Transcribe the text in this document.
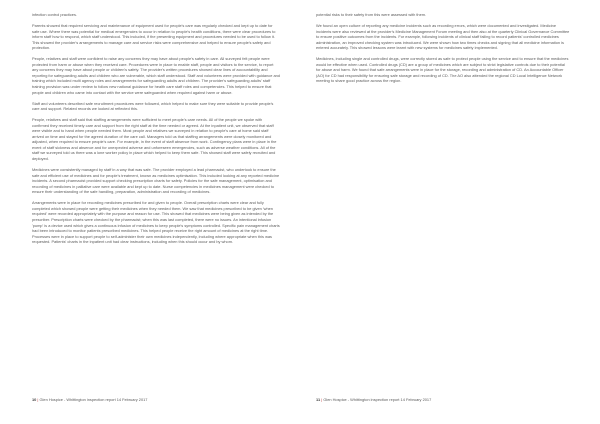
infection control practices.

Parents showed that required servicing and maintenance of equipment used for people's care was regularly checked and kept up to date for safe use. Where there was potential for medical emergencies to occur in relation to people's health conditions, there were clear procedures to inform staff how to respond, which staff understood. This included, if the presenting equipment and procedures needed to be used to follow it. This showed the provider's arrangements to manage care and service risks were comprehensive and helped to ensure people's safety and protection.

People, relatives and staff were confident to raise any concerns they may have about people's safety in care. All surveyed felt people were protected from harm or abuse when they received care. Procedures were in place to enable staff, people and visitors to the service, to report any concerns they may have about people or children's safety. The provider's written procedures showed clear lines of accountability and reporting for safeguarding adults and children who are vulnerable, which staff understood. Staff and volunteers were provided with guidance and training which included multi agency roles and arrangements for safeguarding adults and children. The provider's safeguarding adults' staff training provision was under review to follow new national guidance for health care staff roles and competencies. This helped to ensure that people and children who came into contact with the service were safeguarded when required against harm or abuse.

Staff and volunteers described safe recruitment procedures were followed, which helped to make sure they were suitable to provide people's care and support. Related records we looked at reflected this.

People, relatives and staff said that staffing arrangements were sufficient to meet people's care needs. All of the people we spoke with confirmed they received timely care and support from the right staff at the time needed or agreed. At the inpatient unit, we observed that staff were visible and to hand when people needed them. Most people and relatives we surveyed in relation to people's care at home said staff arrived on time and stayed for the agreed duration of the care call. Managers told us that staffing arrangements were closely monitored and adjusted, when required to ensure people's care. For example, in the event of staff absence from work. Contingency plans were in place in the event of staff sickness and absence and for unexpected adverse and unforeseen emergencies, such as adverse weather conditions. All of the staff we surveyed told us there was a lone worker policy in place which helped to keep them safe. This showed staff were safely recruited and deployed.

Medicines were consistently managed by staff in a way that was safe. The provider employed a lead pharmacist, who undertook to ensure the safe and efficient use of medicines and for people's treatment, known as medicines optimisation. This included looking at any reported medicine incidents. A second pharmacist provided support checking prescription charts for safety. Policies for the safe management, optimisation and recording of medicines in palliative care were available and kept up to date. Nurse competencies in medicines management were checked to ensure their understanding of the safe handling, preparation, administration and recording of medicines.

Arrangements were in place for recording medicines prescribed for and given to people. Overall prescription charts were clear and fully completed which showed people were getting their medicines when they needed them. We saw that medicines prescribed to be given 'when required' were recorded appropriately with the purpose and reason for use. This showed that medicines were being given as intended by the prescriber. Prescription charts were checked by the pharmacist; when this was last completed, there were no issues. An intentional infusion 'pump' is a device used which gives a continuous infusion of medicines to keep people's symptoms controlled. Specific pain management charts had been introduced to monitor patients prescribed medicines. This helped people receive the right amount of medicines at the right time. Processes were in place to support people to self-administer their own medicines independently, including where appropriate when this was requested. Patients' charts in the inpatient unit had clear instructions, including when this should occur and by whom.

10 | Glen Hospice - Whittington inspection report 14 February 2017

potential risks to their safety from this were assessed with them.

We found an open culture of reporting any medicine incidents such as recording errors, which were documented and investigated. Medicine incidents were also reviewed at the provider's Medicine Management Forum meeting and then also at the quarterly Clinical Governance Committee to ensure positive outcomes from the incidents. For example, following incidents of clinical staff failing to record patients' controlled medicines administration, an improved checking system was introduced. We were shown how two times checks and signing that all medicine information is entered accurately. This showed lessons were learnt with new systems for medicines safety implemented.

Medicines, including single and controlled drugs, were correctly stored as safe to protect people using the service and to ensure that the medicines would be effective when used. Controlled drugs (CD) are a group of medicines which are subject to strict legislative controls due to their potential for abuse and harm. We found that safe arrangements were in place for the storage, recording and administration of CD. An Accountable Officer (AO) for CD had responsibility for ensuring safe storage and recording of CD. The AO also attended the regional CD Local Intelligence Network meeting to share good practice across the region.

11 | Glen Hospice - Whittington inspection report 14 February 2017
